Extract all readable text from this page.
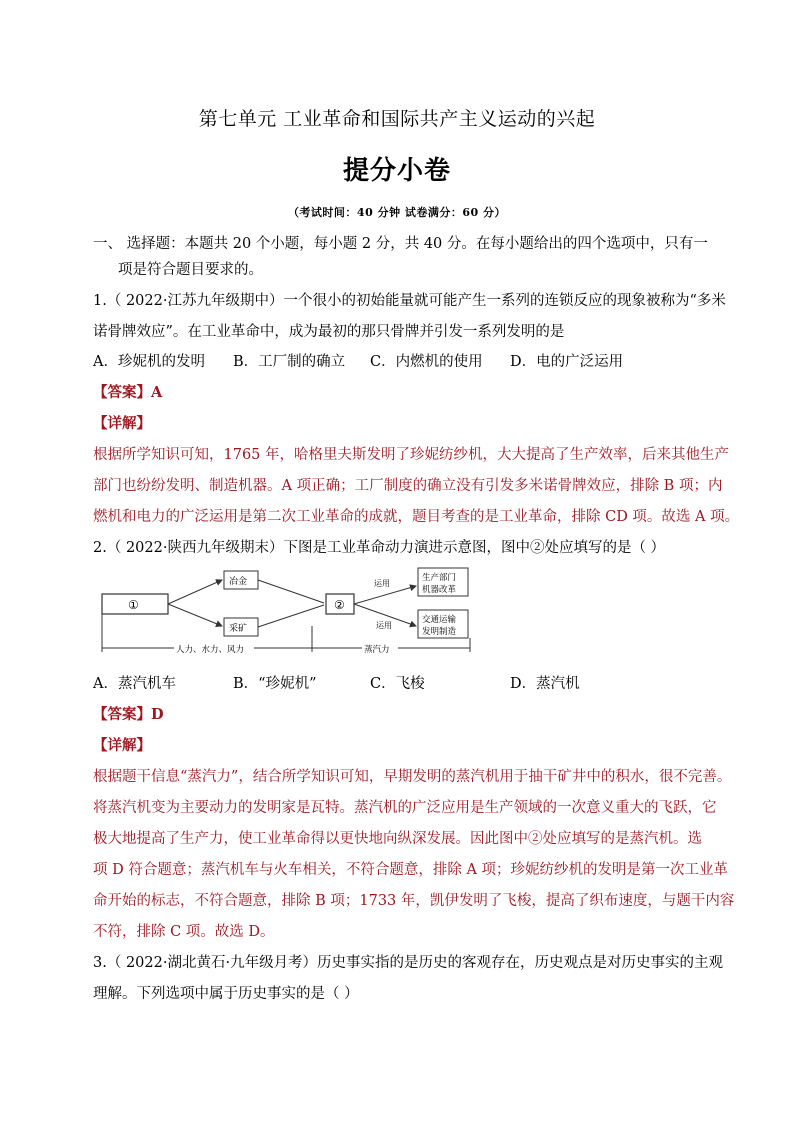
第七单元 工业革命和国际共产主义运动的兴起
提分小卷
（考试时间：40 分钟 试卷满分：60 分）
一、 选择题：本题共 20 个小题，每小题 2 分，共 40 分。在每小题给出的四个选项中，只有一
项是符合题目要求的。
1.（ 2022·江苏九年级期中）一个很小的初始能量就可能产生一系列的连锁反应的现象被称为“多米
诺骨牌效应”。在工业革命中，成为最初的那只骨牌并引发一系列发明的是
A．珍妮机的发明 B．工厂制的确立 C．内燃机的使用 D．电的广泛运用
【答案】A
【详解】
根据所学知识可知，1765 年，哈格里夫斯发明了珍妮纺纱机，大大提高了生产效率，后来其他生产
部门也纷纷发明、制造机器。A 项正确；工厂制度的确立没有引发多米诺骨牌效应，排除 B 项；内
燃机和电力的广泛运用是第二次工业革命的成就，题目考查的是工业革命，排除 CD 项。故选 A 项。
2.（ 2022·陕西九年级期末）下图是工业革命动力演进示意图，图中②处应填写的是（ ）
①
冶金
采矿
②
运用
运用
生产部门
机器改革
交通运输
发明制造
人力、水力、风力	蒸汽力
A．蒸汽机车	B．“珍妮机”	C．飞梭	D．蒸汽机
【答案】D
【详解】
根据题干信息“蒸汽力”，结合所学知识可知，早期发明的蒸汽机用于抽干矿井中的积水，很不完善。
将蒸汽机变为主要动力的发明家是瓦特。蒸汽机的广泛应用是生产领域的一次意义重大的飞跃，它
极大地提高了生产力，使工业革命得以更快地向纵深发展。因此图中②处应填写的是蒸汽机。选
项 D 符合题意；蒸汽机车与火车相关，不符合题意，排除 A 项；珍妮纺纱机的发明是第一次工业革
命开始的标志，不符合题意，排除 B 项；1733 年，凯伊发明了飞梭，提高了织布速度，与题干内容
不符，排除 C 项。故选 D。
3.（ 2022·湖北黄石·九年级月考）历史事实指的是历史的客观存在，历史观点是对历史事实的主观
理解。下列选项中属于历史事实的是（ ）
